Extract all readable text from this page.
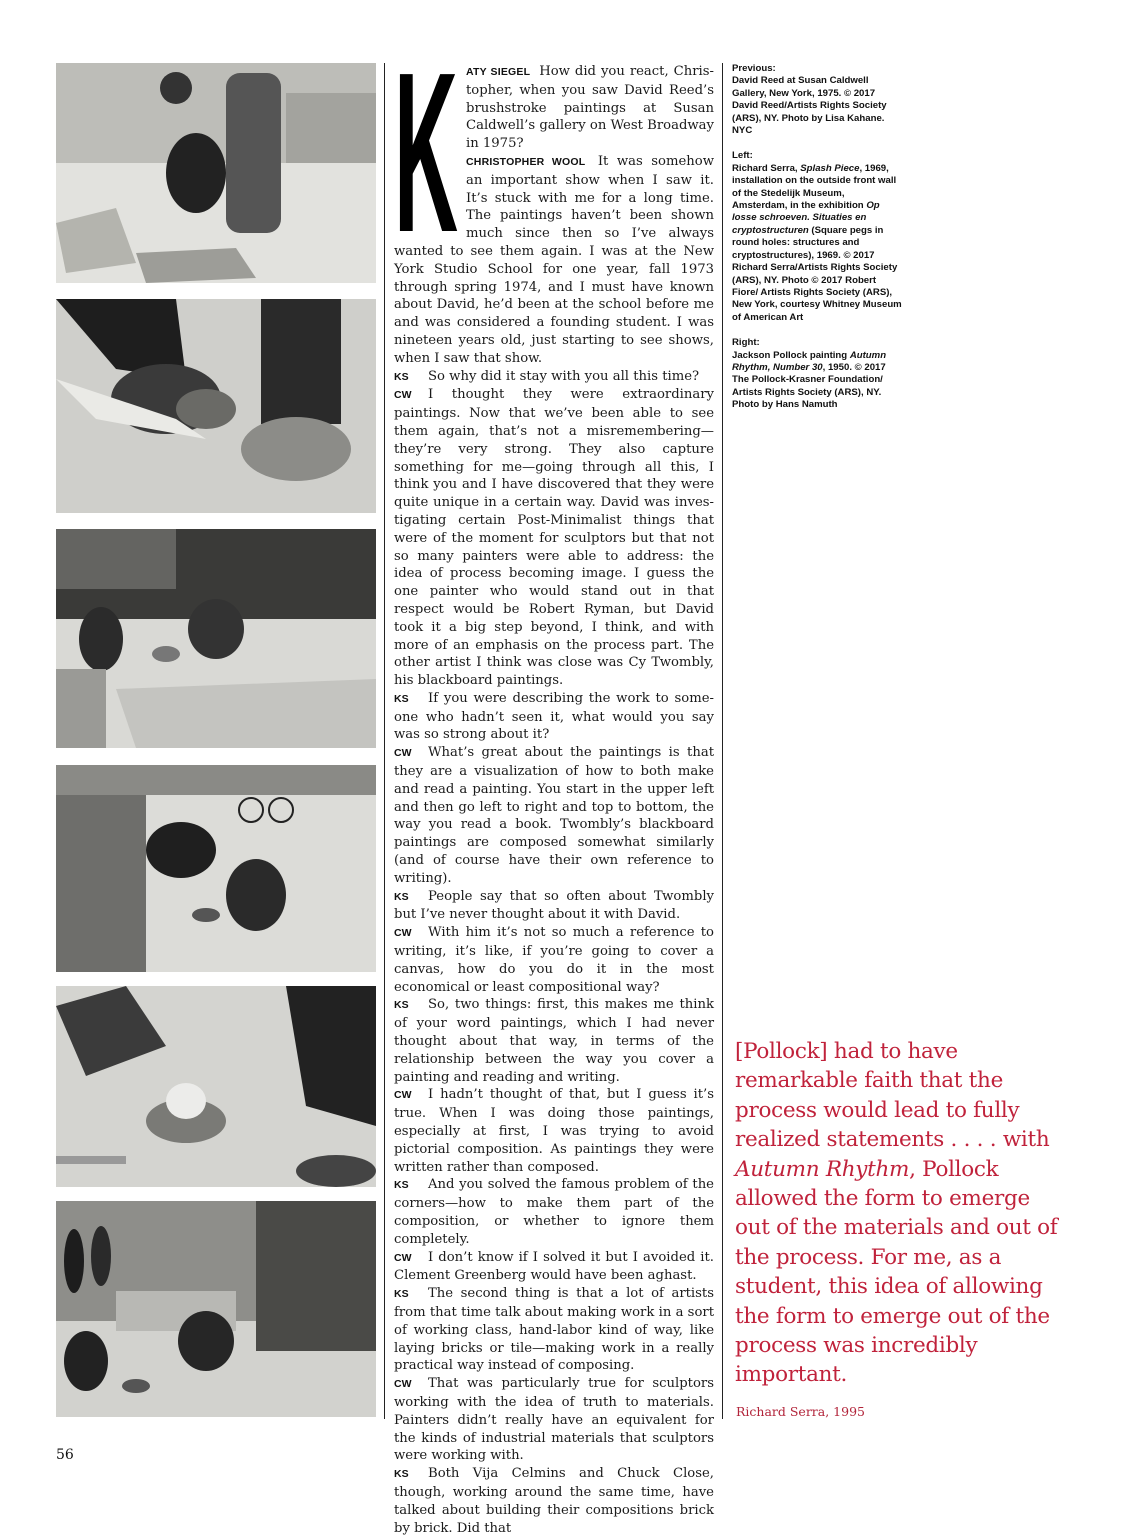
K ATY SIEGEL How did you react, Christopher, when you saw David Reed’s brushstroke paintings at Susan Caldwell’s gallery on West Broadway in 1975?

CHRISTOPHER WOOL It was somehow an important show when I saw it. It’s stuck with me for a long time. The paintings haven’t been shown much since then so I’ve always wanted to see them again. I was at the New York Studio School for one year, fall 1973 through spring 1974, and I must have known about David, he’d been at the school before me and was considered a founding student. I was nineteen years old, just starting to see shows, when I saw that show.

KS So why did it stay with you all this time?

CW I thought they were extraordinary paintings. Now that we’ve been able to see them again, that’s not a misremembering—they’re very strong. They also capture something for me—going through all this, I think you and I have discovered that they were quite unique in a certain way. David was investigating certain Post-Minimalist things that were of the moment for sculptors but that not so many painters were able to address: the idea of process becoming image. I guess the one painter who would stand out in that respect would be Robert Ryman, but David took it a big step beyond, I think, and with more of an emphasis on the process part. The other artist I think was close was Cy Twombly, his blackboard paintings.

KS If you were describing the work to someone who hadn’t seen it, what would you say was so strong about it?

CW What’s great about the paintings is that they are a visualization of how to both make and read a painting. You start in the upper left and then go left to right and top to bottom, the way you read a book. Twombly’s blackboard paintings are composed somewhat similarly (and of course have their own reference to writing).

KS People say that so often about Twombly but I’ve never thought about it with David.

CW With him it’s not so much a reference to writing, it’s like, if you’re going to cover a canvas, how do you do it in the most economical or least compositional way?

KS So, two things: first, this makes me think of your word paintings, which I had never thought about that way, in terms of the relationship between the way you cover a painting and reading and writing.

CW I hadn’t thought of that, but I guess it’s true. When I was doing those paintings, especially at first, I was trying to avoid pictorial composition. As paintings they were written rather than composed.

KS And you solved the famous problem of the corners—how to make them part of the composition, or whether to ignore them completely.

CW I don’t know if I solved it but I avoided it. Clement Greenberg would have been aghast.

KS The second thing is that a lot of artists from that time talk about making work in a sort of working class, hand-labor kind of way, like laying bricks or tile—making work in a really practical way instead of composing.

CW That was particularly true for sculptors working with the idea of truth to materials. Painters didn’t really have an equivalent for the kinds of industrial materials that sculptors were working with.

KS Both Vija Celmins and Chuck Close, though, working around the same time, have talked about building their compositions brick by brick. Did that

Previous:
David Reed at Susan Caldwell Gallery, New York, 1975. © 2017 David Reed/Artists Rights Society (ARS), NY. Photo by Lisa Kahane. NYC

Left:
Richard Serra, Splash Piece, 1969, installation on the outside front wall of the Stedelijk Museum, Amsterdam, in the exhibition Op losse schroeven. Situaties en cryptostructuren (Square pegs in round holes: structures and cryptostructures), 1969. © 2017 Richard Serra/Artists Rights Society (ARS), NY. Photo © 2017 Robert Fiore/ Artists Rights Society (ARS), New York, courtesy Whitney Museum of American Art

Right:
Jackson Pollock painting Autumn Rhythm, Number 30, 1950. © 2017 The Pollock-Krasner Foundation/ Artists Rights Society (ARS), NY. Photo by Hans Namuth

[Pollock] had to have remarkable faith that the process would lead to fully realized statements . . . . with Autumn Rhythm, Pollock allowed the form to emerge out of the materials and out of the process. For me, as a student, this idea of allowing the form to emerge out of the process was incredibly important.

Richard Serra, 1995
56
